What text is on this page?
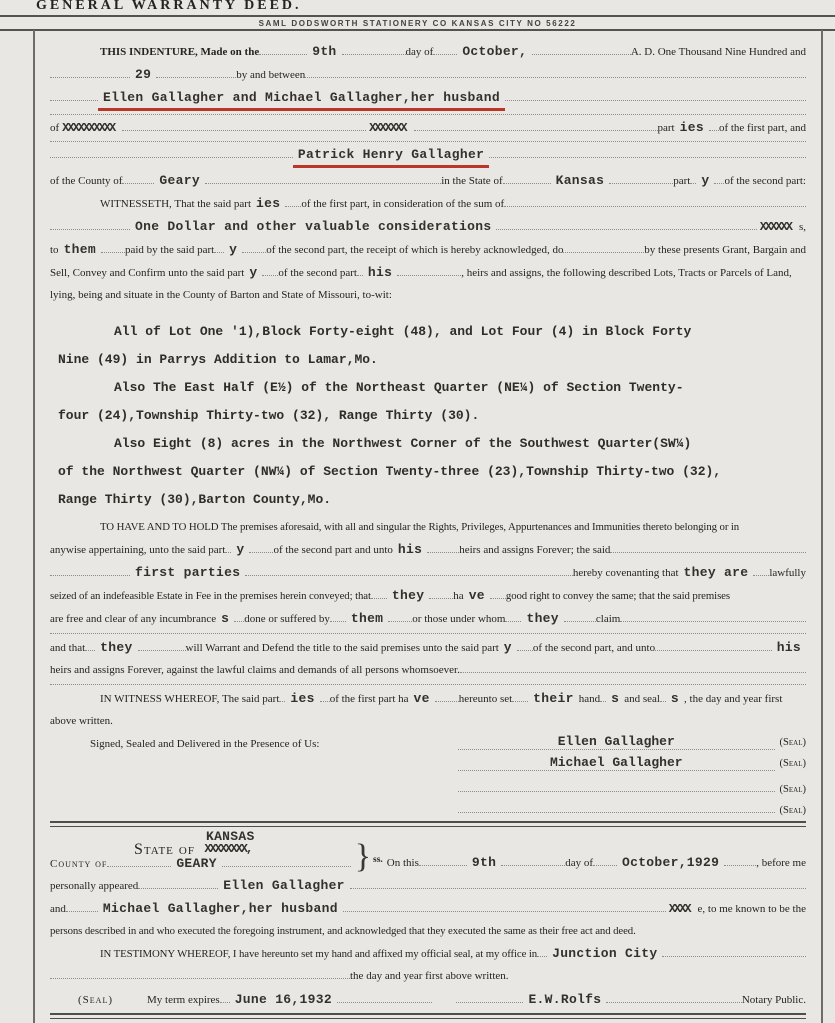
GENERAL WARRANTY DEED.
SAML DODSWORTH STATIONERY CO KANSAS CITY NO 56222
THIS INDENTURE, Made on the	9th	day of	October,	A. D. One Thousand Nine Hundred and
29	by and between
Ellen Gallagher and Michael Gallagher,her husband
of XXXXXXXXXX	XXXXXXX	part ies	of the first part, and
Patrick Henry Gallagher
of the County of	Geary	in the State of	Kansas	part y	of the second part:
WITNESSETH, That the said part ies	of the first part, in consideration of the sum of
One Dollar and other valuable considerations	XXXXXX s,
to them	paid by the said part	y	of the second part, the receipt of which is hereby acknowledged, do	by these presents Grant, Bargain and
Sell, Convey and Confirm unto the said part y	of the second part his	, heirs and assigns, the following described Lots, Tracts or Parcels of Land,
lying, being and situate in the County of Barton and State of Missouri, to-wit:
All of Lot One '1),Block Forty-eight (48), and Lot Four (4) in Block Forty
Nine (49) in Parrys Addition to Lamar,Mo.
Also The East Half (E½) of the Northeast Quarter (NE¼) of Section Twenty-
four (24),Township Thirty-two (32), Range Thirty (30).
Also Eight (8) acres in the Northwest Corner of the Southwest Quarter(SW¼)
of the Northwest Quarter (NW¼) of Section Twenty-three (23),Township Thirty-two (32),
Range Thirty (30),Barton County,Mo.
TO HAVE AND TO HOLD The premises aforesaid, with all and singular the Rights, Privileges, Appurtenances and Immunities thereto belonging or in
anywise appertaining, unto the said part y	of the second part and unto his	heirs and assigns Forever; the said
first parties	hereby covenanting that they are	lawfully
seized of an indefeasible Estate in Fee in the premises herein conveyed; that	they	ha ve	good right to convey the same; that the said premises
are free and clear of any incumbrance s	done or suffered by	them	or those under whom	they	claim
and that	they	will Warrant and Defend the title to the said premises unto the said part y	of the second part, and unto	his
heirs and assigns Forever, against the lawful claims and demands of all persons whomsoever.
IN WITNESS WHEREOF, The said part ies	of the first part ha ve	hereunto set	their hand s and seal s , the day and year first
above written.
Signed, Sealed and Delivered in the Presence of Us:	Ellen Gallagher	(Seal)
Michael Gallagher	(Seal)
(Seal)
(Seal)
State of
KANSAS
XXXXXXXX,
County of	GEARY	} ss. On this	9th	day of	October,1929	, before me
personally appeared	Ellen Gallagher
and	Michael Gallagher,her husband	XXXX e, to me known to be the
persons described in and who executed the foregoing instrument, and acknowledged that they executed the same as their free act and deed.
IN TESTIMONY WHEREOF, I have hereunto set my hand and affixed my official seal, at my office in	Junction City
the day and year first above written.
(Seal)	My term expires	June 16,1932	E.W.Rolfs	Notary Public.
